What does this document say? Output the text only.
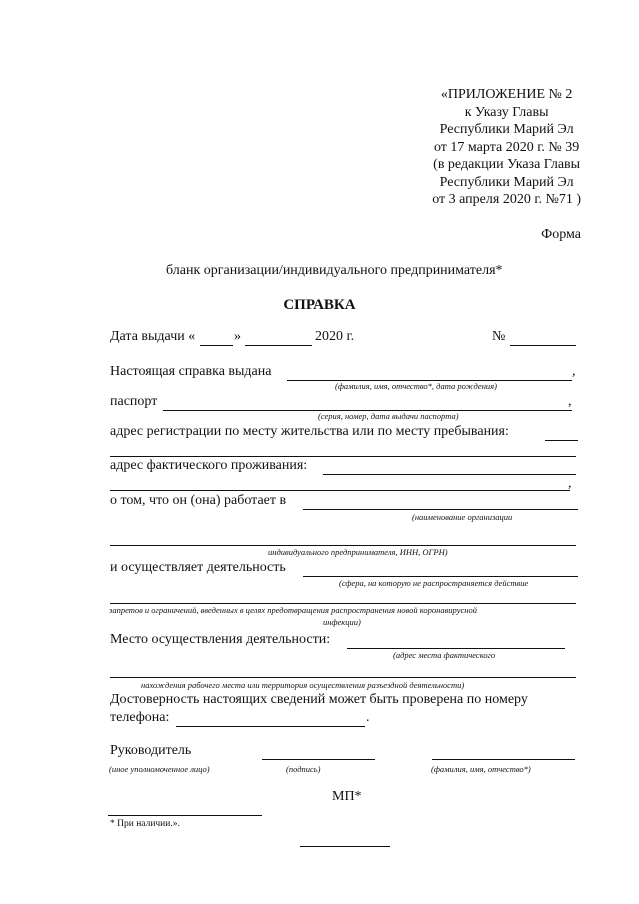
«ПРИЛОЖЕНИЕ № 2
к Указу Главы
Республики Марий Эл
от 17 марта 2020 г. № 39
(в редакции Указа Главы
Республики Марий Эл
от 3 апреля 2020 г. №71 )
Форма
бланк организации/индивидуального предпринимателя*
СПРАВКА
Дата выдачи «	»	2020 г.	№
Настоящая справка выдана	,
(фамилия, имя, отчество*, дата рождения)
паспорт	,
(серия, номер, дата выдачи паспорта)
адрес регистрации по месту жительства или по месту пребывания:
адрес фактического проживания:
,
о том, что он (она) работает в
(наименование организации
индивидуального предпринимателя, ИНН, ОГРН)
и осуществляет деятельность
(сфера, на которую не распространяется действие
запретов и ограничений, введенных в целях предотвращения распространения новой коронавирусной
инфекции)
Место осуществления деятельности:
(адрес места фактического
нахождения рабочего места или территория осуществления разъездной деятельности)
Достоверность настоящих сведений может быть проверена по номеру
телефона:	.
Руководитель
(иное уполномоченное лицо)	(подпись)	(фамилия, имя, отчество*)
МП*
* При наличии.».
